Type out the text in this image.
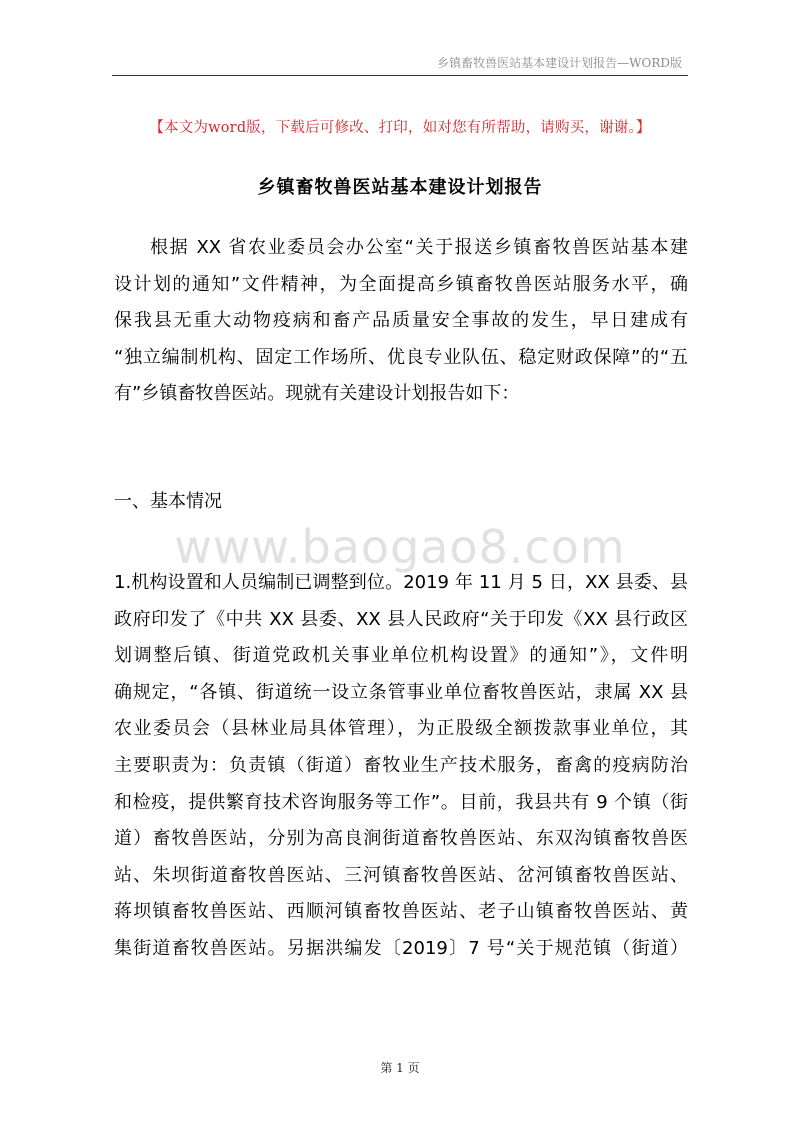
乡镇畜牧兽医站基本建设计划报告—WORD版
【本文为word版，下载后可修改、打印，如对您有所帮助，请购买，谢谢。】
乡镇畜牧兽医站基本建设计划报告
根据 XX 省农业委员会办公室“关于报送乡镇畜牧兽医站基本建
设计划的通知”文件精神，为全面提高乡镇畜牧兽医站服务水平，确
保我县无重大动物疫病和畜产品质量安全事故的发生，早日建成有
“独立编制机构、固定工作场所、优良专业队伍、稳定财政保障”的“五
有”乡镇畜牧兽医站。现就有关建设计划报告如下：
一、基本情况
www.baogao8.com
1.机构设置和人员编制已调整到位。2019 年 11 月 5 日，XX 县委、县
政府印发了《中共 XX 县委、XX 县人民政府“关于印发《XX 县行政区
划调整后镇、街道党政机关事业单位机构设置》的通知”》，文件明
确规定，“各镇、街道统一设立条管事业单位畜牧兽医站，隶属 XX 县
农业委员会（县林业局具体管理），为正股级全额拨款事业单位，其
主要职责为：负责镇（街道）畜牧业生产技术服务，畜禽的疫病防治
和检疫，提供繁育技术咨询服务等工作”。目前，我县共有 9 个镇（街
道）畜牧兽医站，分别为高良涧街道畜牧兽医站、东双沟镇畜牧兽医
站、朱坝街道畜牧兽医站、三河镇畜牧兽医站、岔河镇畜牧兽医站、
蒋坝镇畜牧兽医站、西顺河镇畜牧兽医站、老子山镇畜牧兽医站、黄
集街道畜牧兽医站。另据洪编发〔2019〕7 号“关于规范镇（街道）
第 1 页
